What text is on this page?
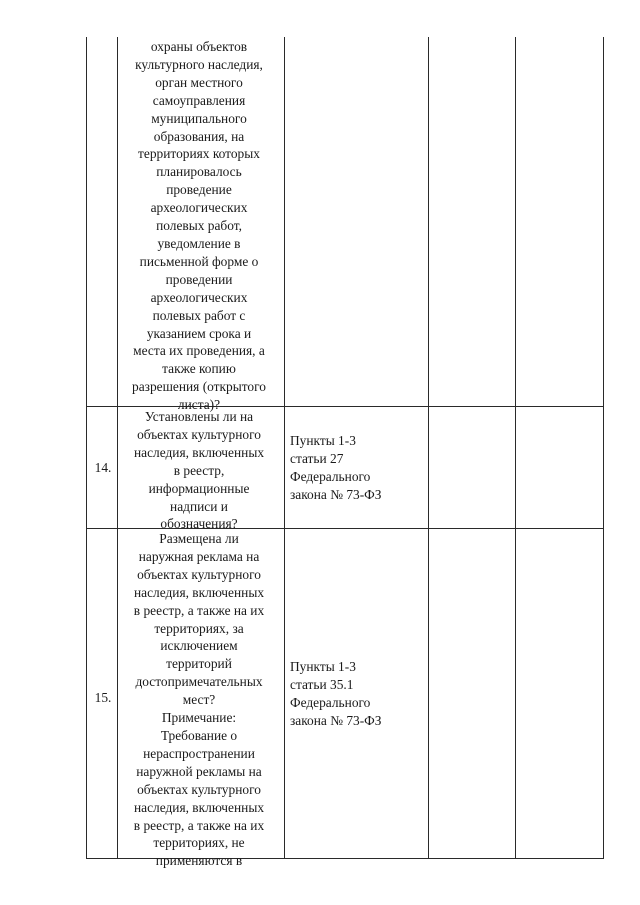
охраны объектов
культурного наследия,
орган местного
самоуправления
муниципального
образования, на
территориях которых
планировалось
проведение
археологических
полевых работ,
уведомление в
письменной форме о
проведении
археологических
полевых работ с
указанием срока и
места их проведения, а
также копию
разрешения (открытого
листа)?
14.
Установлены ли на
объектах культурного
наследия, включенных
в реестр,
информационные
надписи и
обозначения?
Пункты 1-3
статьи 27
Федерального
закона № 73-ФЗ
15.
Размещена ли
наружная реклама на
объектах культурного
наследия, включенных
в реестр, а также на их
территориях, за
исключением
территорий
достопримечательных
мест?
Примечание:
Требование о
нераспространении
наружной рекламы на
объектах культурного
наследия, включенных
в реестр, а также на их
территориях, не
применяются в
Пункты 1-3
статьи 35.1
Федерального
закона № 73-ФЗ
